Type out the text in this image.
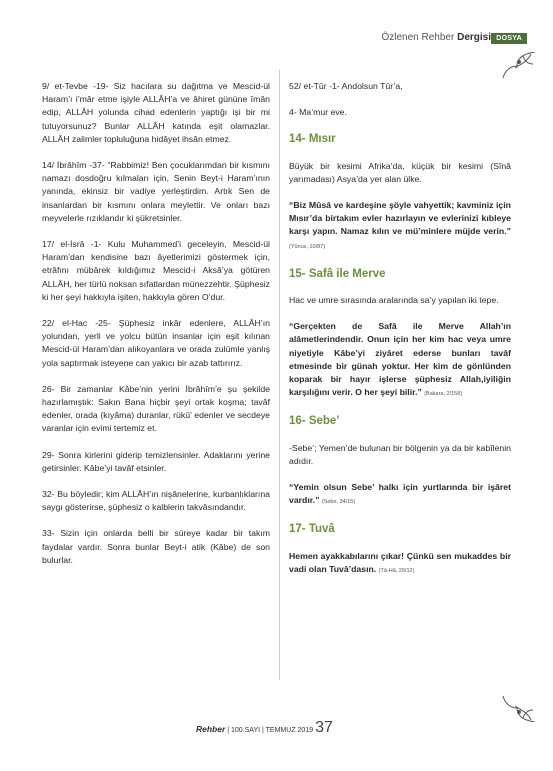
Özlenen Rehber Dergisi DOSYA

9/ et-Tevbe -19- Siz hacılara su dağıtma ve Mescid-ül Haram’ı i’mâr etme işiyle ALLÂH’a ve âhiret gününe îmân edip, ALLÂH yolunda cihad edenlerin yaptığı işi bir mi tutuyorsunuz? Bunlar ALLÂH katında eşit olamazlar. ALLÂH zalimler topluluğuna hidâyet ihsân etmez.

14/ İbrâhîm -37- “Rabbimiz! Ben çocuklarımdan bir kısmını namazı dosdoğru kılmaları için, Senin Beyt-i Haram’ının yanında, ekinsiz bir vadiye yerleştirdim. Artık Sen de insanlardan bir kısmını onlara meylettir. Ve onları bazı meyvelerle rızıklandır ki şükretsinler.

17/ el-İsrâ -1- Kulu Muhammed’i geceleyin, Mescid-ül Haram’dan kendisine bazı âyetlerimizi göstermek için, etrâfını mübârek kıldığımız Mescid-i Aksâ’ya götüren ALLÂH, her türlü noksan sıfatlardan münezzehtir. Şüphesiz ki her şeyi hakkıyla işiten, hakkıyla gören O’dur.

22/ el-Hac -25- Şüphesiz inkâr edenlere, ALLÂH’ın yolundan, yerli ve yolcu bütün insanlar için eşit kılınan Mescid-ül Haram’dan alıkoyanlara ve orada zulümle yanlış yola saptırmak isteyene can yakıcı bir azab tattırırız.

26- Bir zamanlar Kâbe’nin yerini İbrâhîm’e şu şekilde hazırlamıştık: Sakın Bana hiçbir şeyi ortak koşma; tavâf edenler, orada (kıyâma) duranlar, rükû’ edenler ve secdeye varanlar için evimi tertemiz et.

29- Sonra kirlerini giderip temizlensinler. Adaklarını yerine getirsinler. Kâbe’yi tavâf etsinler.

32- Bu böyledir; kim ALLÂH’ın nişânelerine, kurbanlıklarına saygı gösterirse, şüphesiz o kalblerin takvâsındandır.

33- Sizin için onlarda belli bir süreye kadar bir takım faydalar vardır. Sonra bunlar Beyt-i atik (Kâbe) de son bulurlar.

52/ et-Tûr -1- Andolsun Tûr’a,

4- Ma’mur eve.

14- Mısır

Büyük bir kesimi Afrika’da, küçük bir kesimi (Sînâ yarımadası) Asya’da yer alan ülke.

“Biz Mûsâ ve kardeşine şöyle vahyettik; kavminiz için Mısır’da birtakım evler hazırlayın ve evlerinizi kıbleye karşı yapın. Namaz kılın ve mü’minlere müjde verin.” (Yûnus, 10/87)

15- Safâ ile Merve

Hac ve umre sırasında aralarında sa’y yapılan iki tepe.

“Gerçekten de Safâ ile Merve Allah’ın alâmetlerindendir. Onun için her kim hac veya umre niyetiyle Kâbe’yi ziyâret ederse bunları tavâf etmesinde bir günah yoktur. Her kim de gönlünden koparak bir hayır işlerse şüphesiz Allah,iyiliğin karşılığını verir. O her şeyi bilir.” (Bakara, 2/158)

16- Sebe’

-Sebe’; Yemen’de bulunan bir bölgenin ya da bir kabîlenin adıdır.

“Yemin olsun Sebe’ halkı için yurtlarında bir işâret vardır.” (Sebe, 34/15)

17- Tuvâ

Hemen ayakkabılarını çıkar! Çünkü sen mukaddes bir vadi olan Tuvâ’dasın. (Tâ-Hâ, 20/12)

Rehber | 100.SAYI | TEMMUZ 2019 37
